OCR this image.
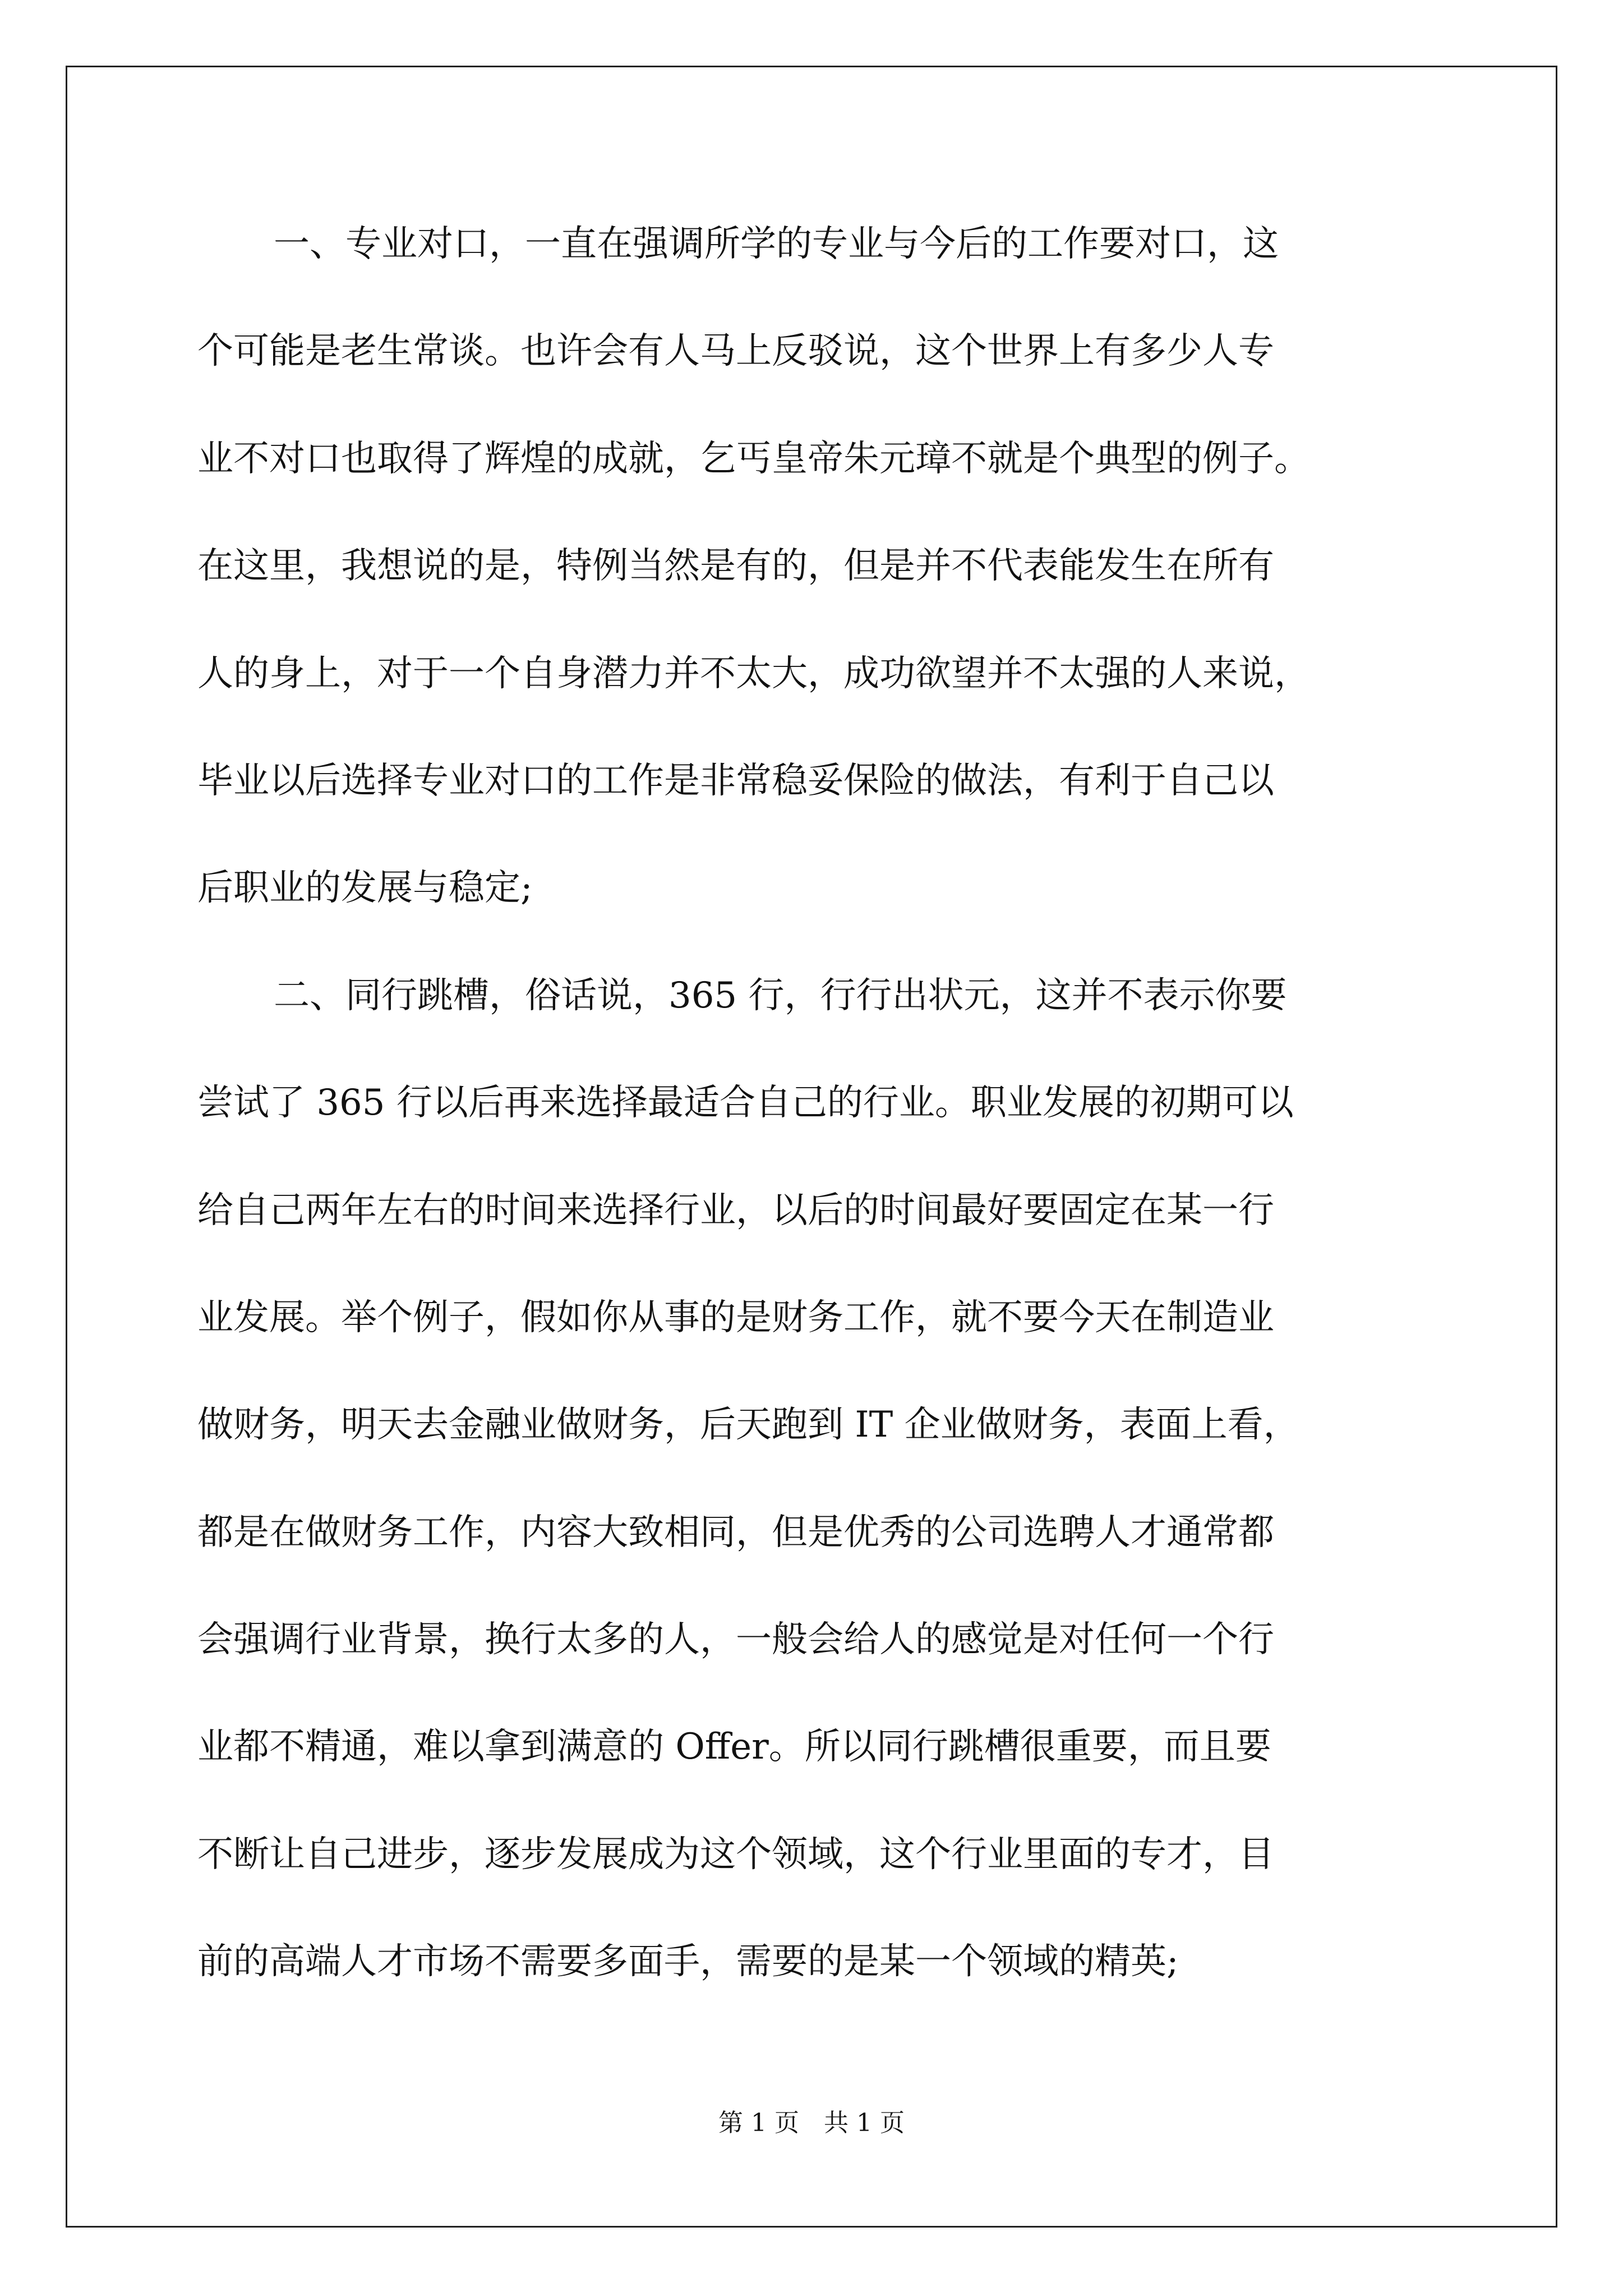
一、专业对口，一直在强调所学的专业与今后的工作要对口，这
个可能是老生常谈。也许会有人马上反驳说，这个世界上有多少人专
业不对口也取得了辉煌的成就，乞丐皇帝朱元璋不就是个典型的例子。
在这里，我想说的是，特例当然是有的，但是并不代表能发生在所有
人的身上，对于一个自身潜力并不太大，成功欲望并不太强的人来说，
毕业以后选择专业对口的工作是非常稳妥保险的做法，有利于自己以
后职业的发展与稳定;
二、同行跳槽，俗话说，365 行，行行出状元，这并不表示你要
尝试了 365 行以后再来选择最适合自己的行业。职业发展的初期可以
给自己两年左右的时间来选择行业，以后的时间最好要固定在某一行
业发展。举个例子，假如你从事的是财务工作，就不要今天在制造业
做财务，明天去金融业做财务，后天跑到 IT 企业做财务，表面上看，
都是在做财务工作，内容大致相同，但是优秀的公司选聘人才通常都
会强调行业背景，换行太多的人，一般会给人的感觉是对任何一个行
业都不精通，难以拿到满意的 Offer。所以同行跳槽很重要，而且要
不断让自己进步，逐步发展成为这个领域，这个行业里面的专才，目
前的高端人才市场不需要多面手，需要的是某一个领域的精英;
第 1 页　共 1 页
